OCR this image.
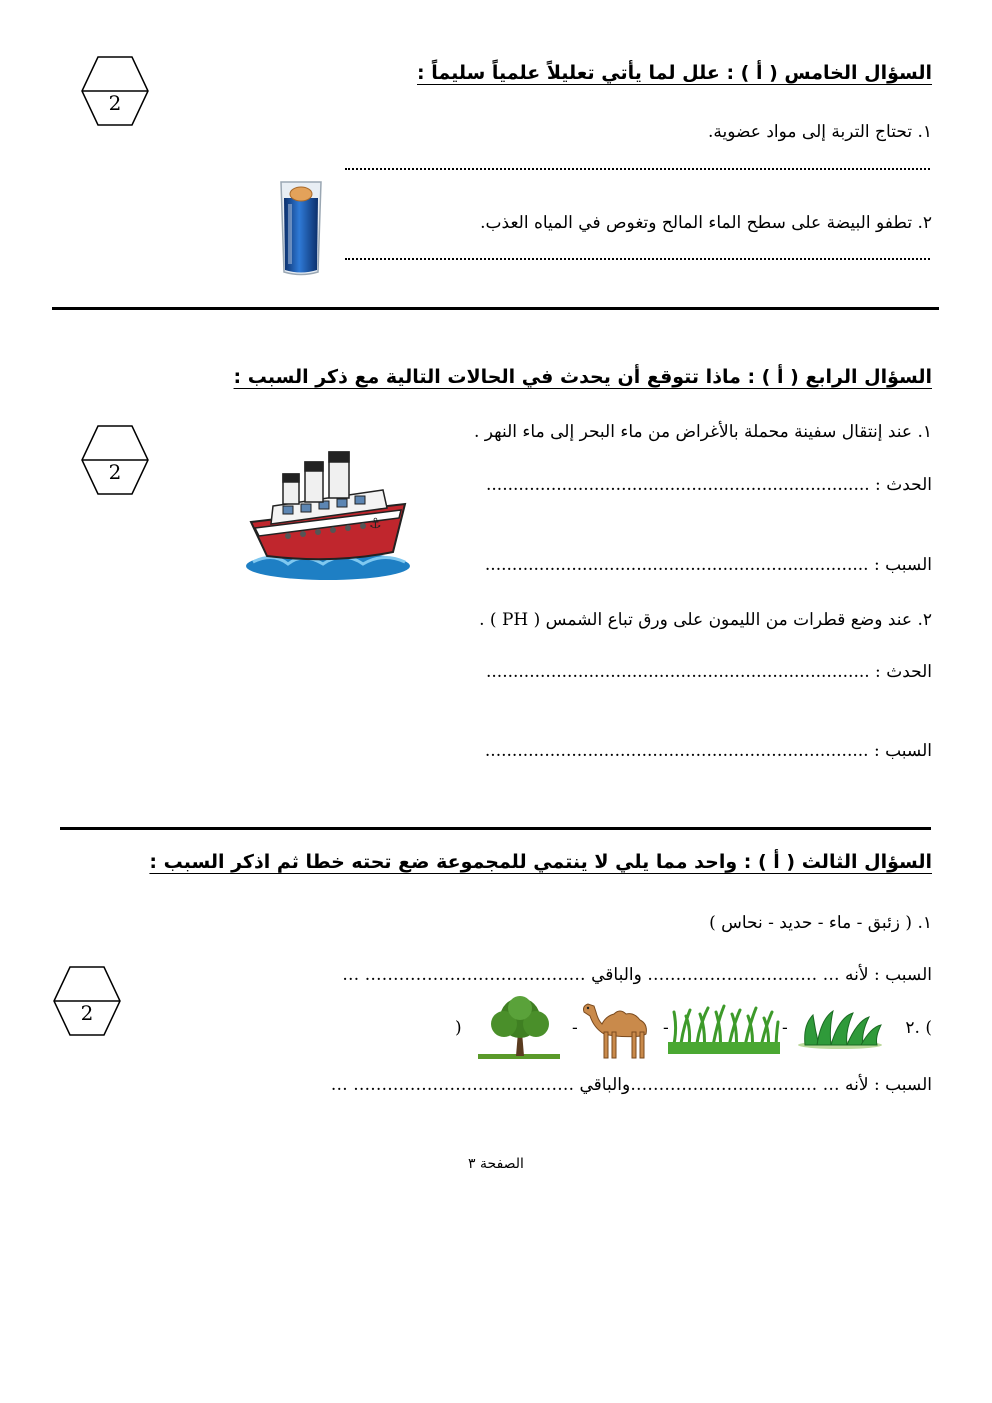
2
السؤال الخامس ( أ ) : علل لما يأتي تعليلاً علمياً سليماً :
١. تحتاج التربة إلى مواد عضوية.
٢. تطفو البيضة على سطح الماء المالح وتغوص في المياه العذب.
السؤال الرابع ( أ ) : ماذا تتوقع أن يحدث في الحالات التالية مع ذكر السبب :
2
١. عند إنتقال سفينة محملة بالأغراض من ماء البحر إلى ماء النهر .
الحدث : .......................................................................
السبب : .......................................................................
٢. عند وضع قطرات من الليمون على ورق تباع الشمس ( PH ) .
الحدث : .......................................................................
السبب : .......................................................................
⚓
السؤال الثالث ( أ ) : واحد مما يلي لا ينتمي للمجموعة ضع تحته خطا ثم اذكر السبب :
١. ( زئبق - ماء - حديد - نحاس )
2
السبب : لأنه … ………………………… والباقي ………………………………… …
٢. (
-
-
-
)
السبب : لأنه … ……………………………والباقي ………………………………… …
الصفحة ٣
